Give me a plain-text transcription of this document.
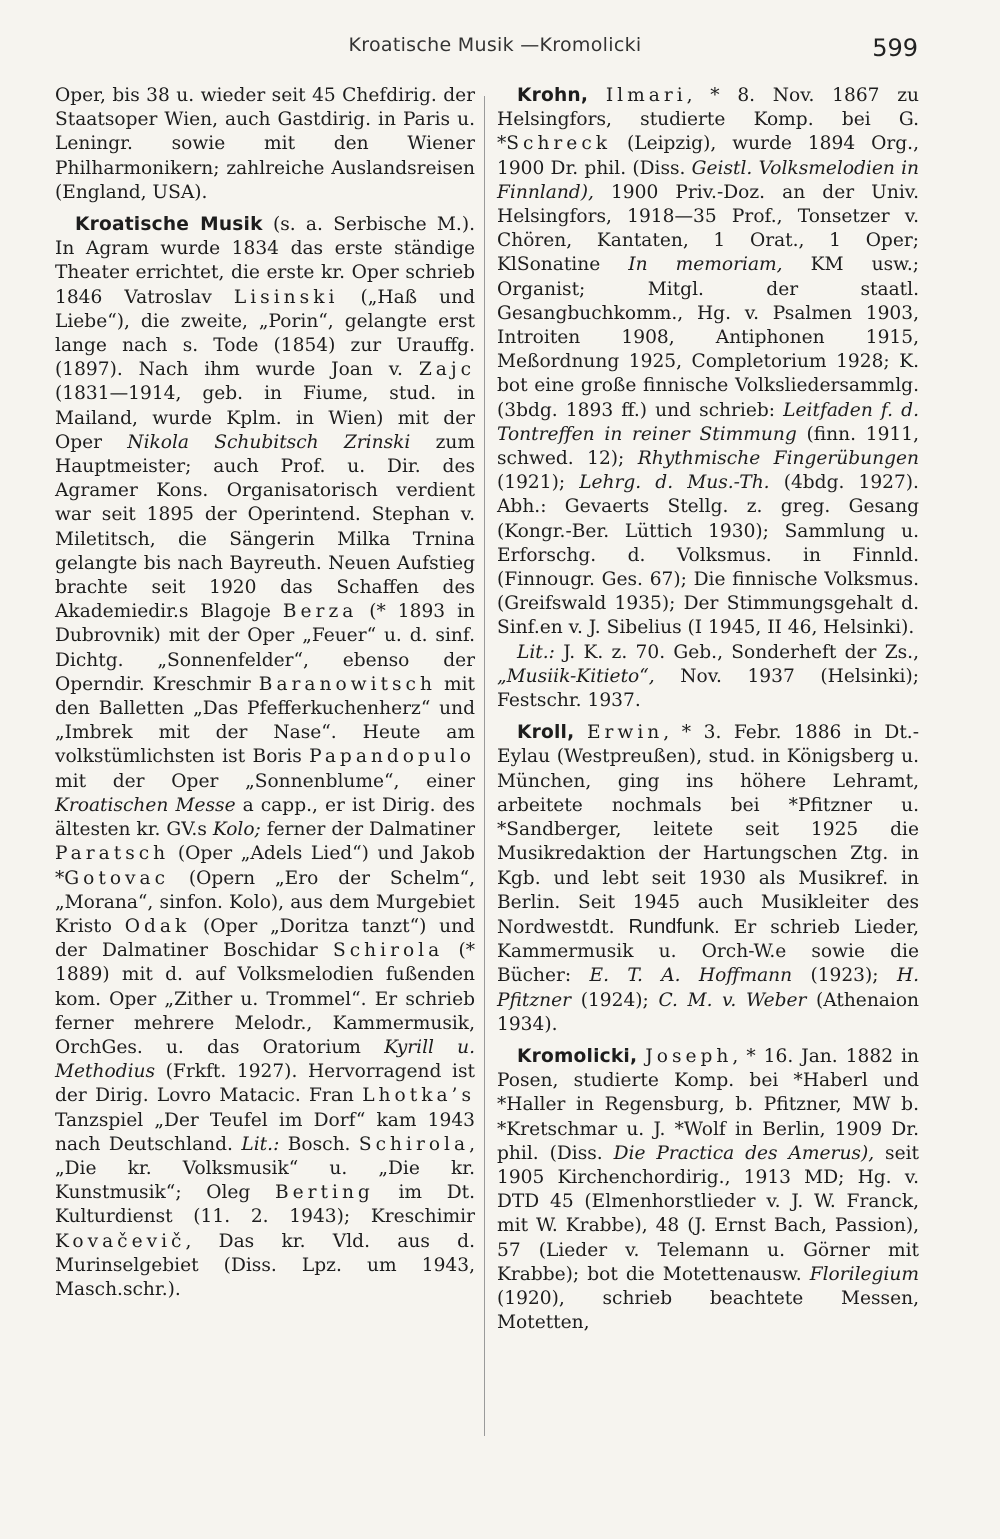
Kroatische Musik —Kromolicki	599

Oper, bis 38 u. wieder seit 45 Chefdirig. der Staatsoper Wien, auch Gastdirig. in Paris u. Leningr. sowie mit den Wiener Philharmonikern; zahlreiche Auslandsreisen (England, USA).

Kroatische Musik (s. a. Serbische M.). In Agram wurde 1834 das erste ständige Theater errichtet, die erste kr. Oper schrieb 1846 Vatroslav Lisinski („Haß und Liebe“), die zweite, „Porin“, gelangte erst lange nach s. Tode (1854) zur Urauffg. (1897). Nach ihm wurde Joan v. Zajc (1831—1914, geb. in Fiume, stud. in Mailand, wurde Kplm. in Wien) mit der Oper Nikola Schubitsch Zrinski zum Hauptmeister; auch Prof. u. Dir. des Agramer Kons. Organisatorisch verdient war seit 1895 der Operintend. Stephan v. Miletitsch, die Sängerin Milka Trnina gelangte bis nach Bayreuth. Neuen Aufstieg brachte seit 1920 das Schaffen des Akademiedir.s Blagoje Berza (* 1893 in Dubrovnik) mit der Oper „Feuer“ u. d. sinf. Dichtg. „Sonnenfelder“, ebenso der Operndir. Kreschmir Baranowitsch mit den Balletten „Das Pfefferkuchenherz“ und „Imbrek mit der Nase“. Heute am volkstümlichsten ist Boris Papandopulo mit der Oper „Sonnenblume“, einer Kroatischen Messe a capp., er ist Dirig. des ältesten kr. GV.s Kolo; ferner der Dalmatiner Paratsch (Oper „Adels Lied“) und Jakob *Gotovac (Opern „Ero der Schelm“, „Morana“, sinfon. Kolo), aus dem Murgebiet Kristo Odak (Oper „Doritza tanzt“) und der Dalmatiner Boschidar Schirola (* 1889) mit d. auf Volksmelodien fußenden kom. Oper „Zither u. Trommel“. Er schrieb ferner mehrere Melodr., Kammermusik, OrchGes. u. das Oratorium Kyrill u. Methodius (Frkft. 1927). Hervorragend ist der Dirig. Lovro Matacic. Fran Lhotka’s Tanzspiel „Der Teufel im Dorf“ kam 1943 nach Deutschland. Lit.: Bosch. Schirola, „Die kr. Volksmusik“ u. „Die kr. Kunstmusik“; Oleg Berting im Dt. Kulturdienst (11. 2. 1943); Kreschimir Kovačevič, Das kr. Vld. aus d. Murinselgebiet (Diss. Lpz. um 1943, Masch.schr.).

Krohn, Ilmari, * 8. Nov. 1867 zu Helsingfors, studierte Komp. bei G. *Schreck (Leipzig), wurde 1894 Org., 1900 Dr. phil. (Diss. Geistl. Volksmelodien in Finnland), 1900 Priv.-Doz. an der Univ. Helsingfors, 1918—35 Prof., Tonsetzer v. Chören, Kantaten, 1 Orat., 1 Oper; KlSonatine In memoriam, KM usw.; Organist; Mitgl. der staatl. Gesangbuchkomm., Hg. v. Psalmen 1903, Introiten 1908, Antiphonen 1915, Meßordnung 1925, Completorium 1928; K. bot eine große finnische Volksliedersammlg. (3bdg. 1893 ff.) und schrieb: Leitfaden f. d. Tontreffen in reiner Stimmung (finn. 1911, schwed. 12); Rhythmische Fingerübungen (1921); Lehrg. d. Mus.-Th. (4bdg. 1927). Abh.: Gevaerts Stellg. z. greg. Gesang (Kongr.-Ber. Lüttich 1930); Sammlung u. Erforschg. d. Volksmus. in Finnld. (Finnougr. Ges. 67); Die finnische Volksmus. (Greifswald 1935); Der Stimmungsgehalt d. Sinf.en v. J. Sibelius (I 1945, II 46, Helsinki).

Lit.: J. K. z. 70. Geb., Sonderheft der Zs., „Musiik-Kitieto“, Nov. 1937 (Helsinki); Festschr. 1937.

Kroll, Erwin, * 3. Febr. 1886 in Dt.-Eylau (Westpreußen), stud. in Königsberg u. München, ging ins höhere Lehramt, arbeitete nochmals bei *Pfitzner u. *Sandberger, leitete seit 1925 die Musikredaktion der Hartungschen Ztg. in Kgb. und lebt seit 1930 als Musikref. in Berlin. Seit 1945 auch Musikleiter des Nordwestdt. Rundfunk. Er schrieb Lieder, Kammermusik u. Orch-W.e sowie die Bücher: E. T. A. Hoffmann (1923); H. Pfitzner (1924); C. M. v. Weber (Athenaion 1934).

Kromolicki, Joseph, * 16. Jan. 1882 in Posen, studierte Komp. bei *Haberl und *Haller in Regensburg, b. Pfitzner, MW b. *Kretschmar u. J. *Wolf in Berlin, 1909 Dr. phil. (Diss. Die Practica des Amerus), seit 1905 Kirchenchordirig., 1913 MD; Hg. v. DTD 45 (Elmenhorstlieder v. J. W. Franck, mit W. Krabbe), 48 (J. Ernst Bach, Passion), 57 (Lieder v. Telemann u. Görner mit Krabbe); bot die Motettenausw. Florilegium (1920), schrieb beachtete Messen, Motetten,
